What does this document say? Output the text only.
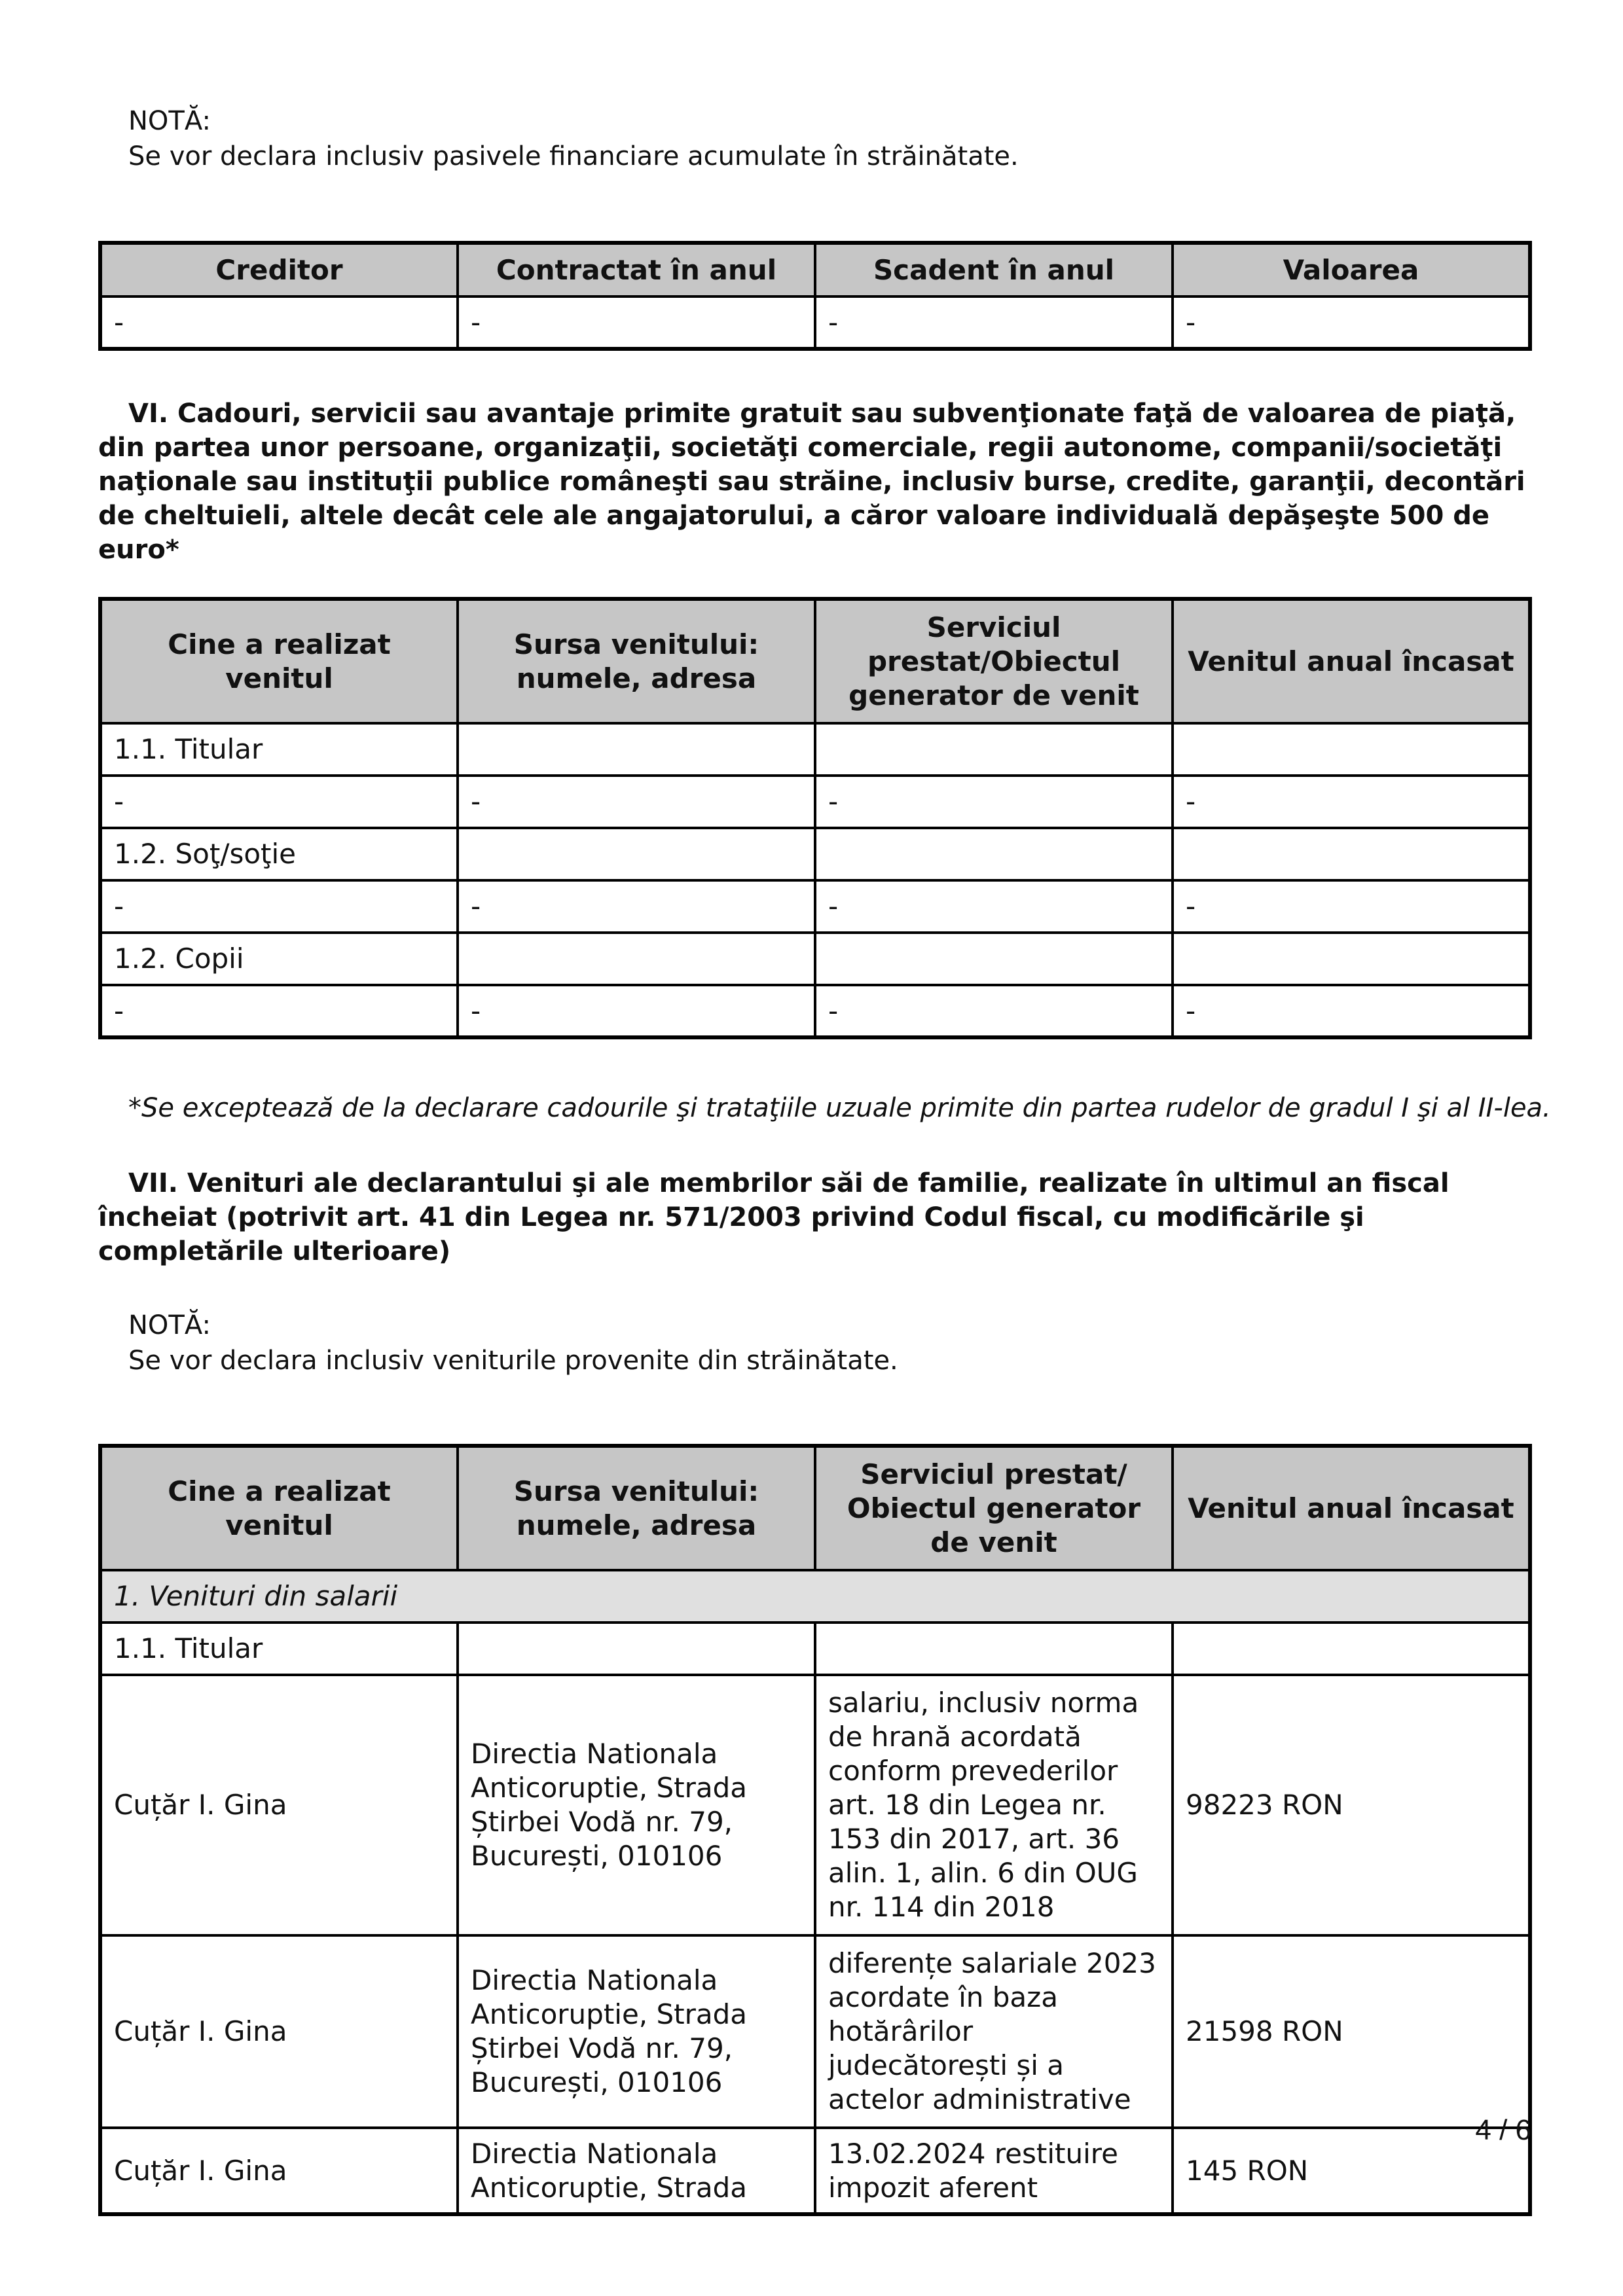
NOTĂ:
Se vor declara inclusiv pasivele financiare acumulate în străinătate.
Creditor	Contractat în anul	Scadent în anul	Valoarea
-	-	-	-

VI. Cadouri, servicii sau avantaje primite gratuit sau subvenţionate faţă de valoarea de piaţă, din partea unor persoane, organizaţii, societăţi comerciale, regii autonome, companii/societăţi naţionale sau instituţii publice româneşti sau străine, inclusiv burse, credite, garanţii, decontări de cheltuieli, altele decât cele ale angajatorului, a căror valoare individuală depăşeşte 500 de euro*

Cine a realizat venitul	Sursa venitului: numele, adresa	Serviciul prestat/Obiectul generator de venit	Venitul anual încasat
1.1. Titular			
-	-	-	-
1.2. Soţ/soţie			
-	-	-	-
1.2. Copii			
-	-	-	-

*Se exceptează de la declarare cadourile şi trataţiile uzuale primite din partea rudelor de gradul I şi al II-lea.

VII. Venituri ale declarantului şi ale membrilor săi de familie, realizate în ultimul an fiscal încheiat (potrivit art. 41 din Legea nr. 571/2003 privind Codul fiscal, cu modificările şi completările ulterioare)

NOTĂ:
Se vor declara inclusiv veniturile provenite din străinătate.
Cine a realizat venitul	Sursa venitului: numele, adresa	Serviciul prestat/ Obiectul generator de venit	Venitul anual încasat
1. Venituri din salarii			
1.1. Titular			
Cuțăr I. Gina	Directia Nationala Anticoruptie, Strada Știrbei Vodă nr. 79, București, 010106	salariu, inclusiv norma de hrană acordată conform prevederilor art. 18 din Legea nr. 153 din 2017, art. 36 alin. 1, alin. 6 din OUG nr. 114 din 2018	98223 RON
Cuțăr I. Gina	Directia Nationala Anticoruptie, Strada Știrbei Vodă nr. 79, București, 010106	diferențe salariale 2023 acordate în baza hotărârilor judecătorești și a actelor administrative	21598 RON
Cuțăr I. Gina	Directia Nationala Anticoruptie, Strada	13.02.2024 restituire impozit aferent	145 RON
4 / 6
